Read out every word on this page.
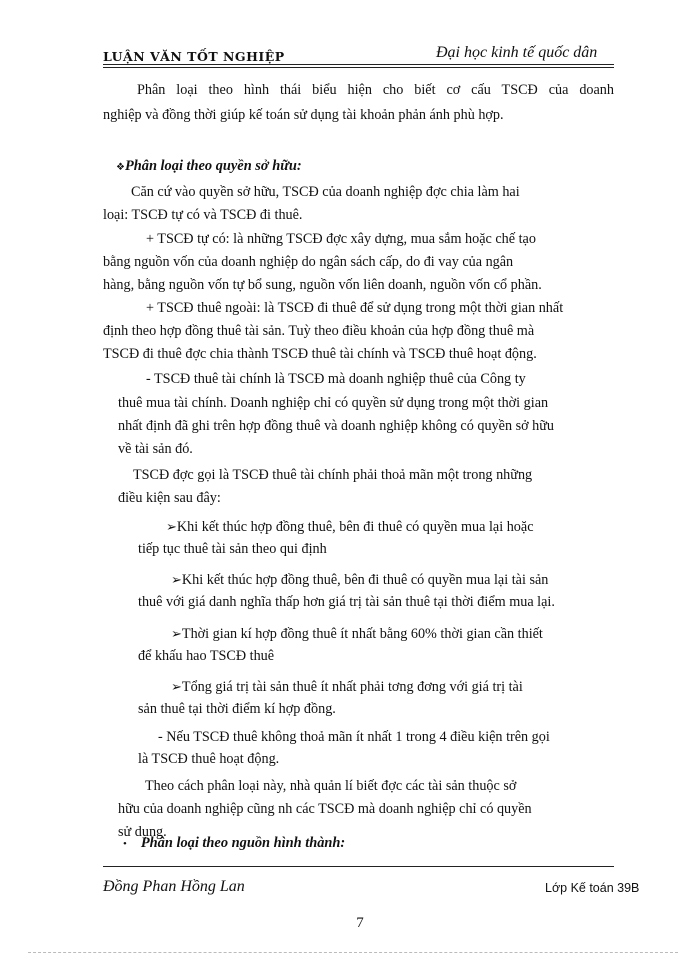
LUẬN VĂN TỐT NGHIỆP	Đại học kinh tế quốc dân
Phân loại theo hình thái biểu hiện cho biết cơ cấu TSCĐ của doanh
nghiệp và đồng thời giúp kế toán sử dụng tài khoản phản ánh phù hợp.
❖Phân loại theo quyền sở hữu:
Căn cứ vào quyền sở hữu, TSCĐ của doanh nghiệp đợc chia làm hai
loại: TSCĐ tự có và TSCĐ đi thuê.
+ TSCĐ tự có: là những TSCĐ đợc xây dựng, mua sắm hoặc chế tạo
bằng nguồn vốn của doanh nghiệp do ngân sách cấp, do đi vay của ngân
hàng, bằng nguồn vốn tự bổ sung, nguồn vốn liên doanh, nguồn vốn cổ phần.
+ TSCĐ thuê ngoài: là TSCĐ đi thuê để sử dụng trong một thời gian nhất
định theo hợp đồng thuê tài sản. Tuỳ theo điều khoản của hợp đồng thuê mà
TSCĐ đi thuê đợc chia thành TSCĐ thuê tài chính và TSCĐ thuê hoạt động.
- TSCĐ thuê tài chính là TSCĐ mà doanh nghiệp thuê của Công ty
thuê mua tài chính. Doanh nghiệp chỉ có quyền sử dụng trong một thời gian
nhất định đã ghi trên hợp đồng thuê và doanh nghiệp không có quyền sở hữu
về tài sản đó.
TSCĐ đợc gọi là TSCĐ thuê tài chính phải thoả mãn một trong những
điều kiện sau đây:
➢Khi kết thúc hợp đồng thuê, bên đi thuê có quyền mua lại hoặc
tiếp tục thuê tài sản theo qui định
➢Khi kết thúc hợp đồng thuê, bên đi thuê có quyền mua lại tài sản
thuê với giá danh nghĩa thấp hơn giá trị tài sản thuê tại thời điểm mua lại.
➢Thời gian kí hợp đồng thuê ít nhất bằng 60% thời gian cần thiết
để khấu hao TSCĐ thuê
➢Tổng giá trị tài sản thuê ít nhất phải tơng đơng với giá trị tài
sản thuê tại thời điểm kí hợp đồng.
- Nếu TSCĐ thuê không thoả mãn ít nhất 1 trong 4 điều kiện trên gọi
là TSCĐ thuê hoạt động.
Theo cách phân loại này, nhà quản lí biết đợc các tài sản thuộc sở
hữu của doanh nghiệp cũng nh các TSCĐ mà doanh nghiệp chỉ có quyền
sử dụng.
• Phân loại theo nguồn hình thành:
Đồng Phan Hồng Lan	Lớp Kế toán 39B
7
